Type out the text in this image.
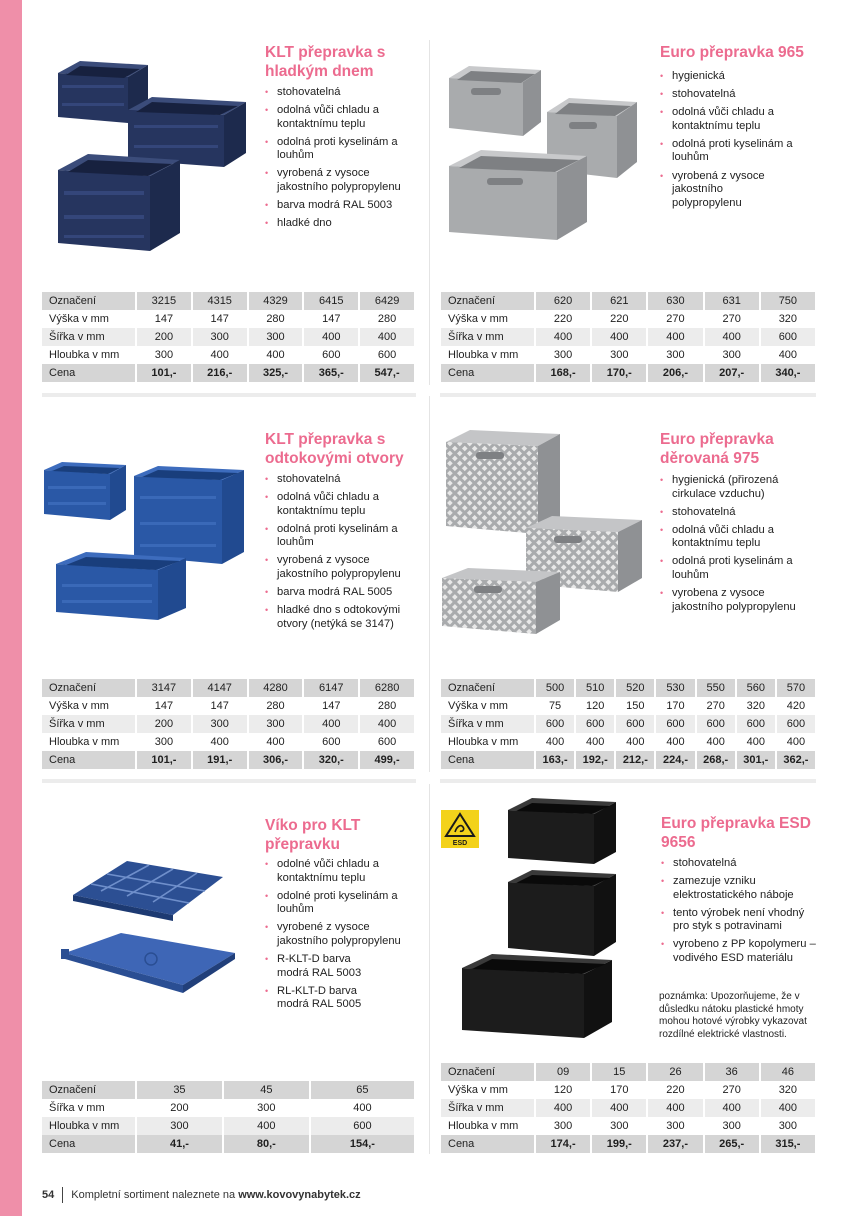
KLT přepravka s hladkým dnem
• stohovatelná
• odolná vůči chladu a kontaktnímu teplu
• odolná proti kyselinám a louhům
• vyrobená z vysoce jakostního polypropylenu
• barva modrá RAL 5003
• hladké dno
Označení	3215	4315	4329	6415	6429
Výška v mm	147	147	280	147	280
Šířka v mm	200	300	300	400	400
Hloubka v mm	300	400	400	600	600
Cena	101,-	216,-	325,-	365,-	547,-
Euro přepravka 965
• hygienická
• stohovatelná
• odolná vůči chladu a kontaktnímu teplu
• odolná proti kyselinám a louhům
• vyrobená z vysoce jakostního polypropylenu
Označení	620	621	630	631	750
Výška v mm	220	220	270	270	320
Šířka v mm	400	400	400	400	600
Hloubka v mm	300	300	300	300	400
Cena	168,-	170,-	206,-	207,-	340,-
KLT přepravka s odtokovými otvory
• stohovatelná
• odolná vůči chladu a kontaktnímu teplu
• odolná proti kyselinám a louhům
• vyrobená z vysoce jakostního polypropylenu
• barva modrá RAL 5005
• hladké dno s odtokovými otvory (netýká se 3147)
Označení	3147	4147	4280	6147	6280
Výška v mm	147	147	280	147	280
Šířka v mm	200	300	300	400	400
Hloubka v mm	300	400	400	600	600
Cena	101,-	191,-	306,-	320,-	499,-
Euro přepravka děrovaná 975
• hygienická (přirozená cirkulace vzduchu)
• stohovatelná
• odolná vůči chladu a kontaktnímu teplu
• odolná proti kyselinám a louhům
• vyrobena z vysoce jakostního polypropylenu
Označení	500	510	520	530	550	560	570
Výška v mm	75	120	150	170	270	320	420
Šířka v mm	600	600	600	600	600	600	600
Hloubka v mm	400	400	400	400	400	400	400
Cena	163,-	192,-	212,-	224,-	268,-	301,-	362,-
Víko pro KLT přepravku
• odolné vůči chladu a kontaktnímu teplu
• odolné proti kyselinám a louhům
• vyrobené z vysoce jakostního polypropylenu
• R-KLT-D barva modrá RAL 5003
• RL-KLT-D barva modrá RAL 5005
Označení	35	45	65
Šířka v mm	200	300	400
Hloubka v mm	300	400	600
Cena	41,-	80,-	154,-
ESD
Euro přepravka ESD 9656
• stohovatelná
• zamezuje vzniku elektrostatického náboje
• tento výrobek není vhodný pro styk s potravinami
• vyrobeno z PP kopolymeru – vodivého ESD materiálu
poznámka: Upozorňujeme, že v důsledku nátoku plastické hmoty mohou hotové výrobky vykazovat rozdílné elektrické vlastnosti.
Označení	09	15	26	36	46
Výška v mm	120	170	220	270	320
Šířka v mm	400	400	400	400	400
Hloubka v mm	300	300	300	300	300
Cena	174,-	199,-	237,-	265,-	315,-
54 Kompletní sortiment naleznete na www.kovovynabytek.cz
